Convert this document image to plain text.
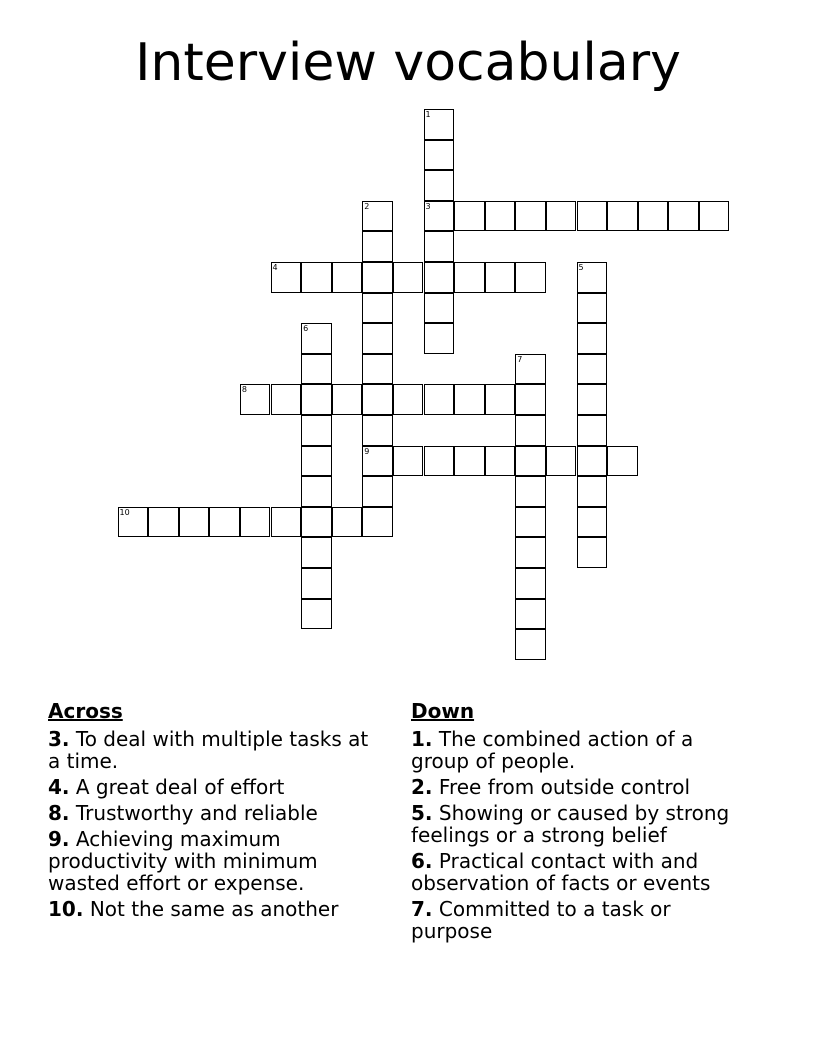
Interview vocabulary
1
3
2
9
4	5
6
7
8
10
Across
3. To deal with multiple tasks at a time.
4. A great deal of effort
8. Trustworthy and reliable
9. Achieving maximum productivity with minimum wasted effort or expense.
10. Not the same as another
Down
1. The combined action of a group of people.
2. Free from outside control
5. Showing or caused by strong feelings or a strong belief
6. Practical contact with and observation of facts or events
7. Committed to a task or purpose
